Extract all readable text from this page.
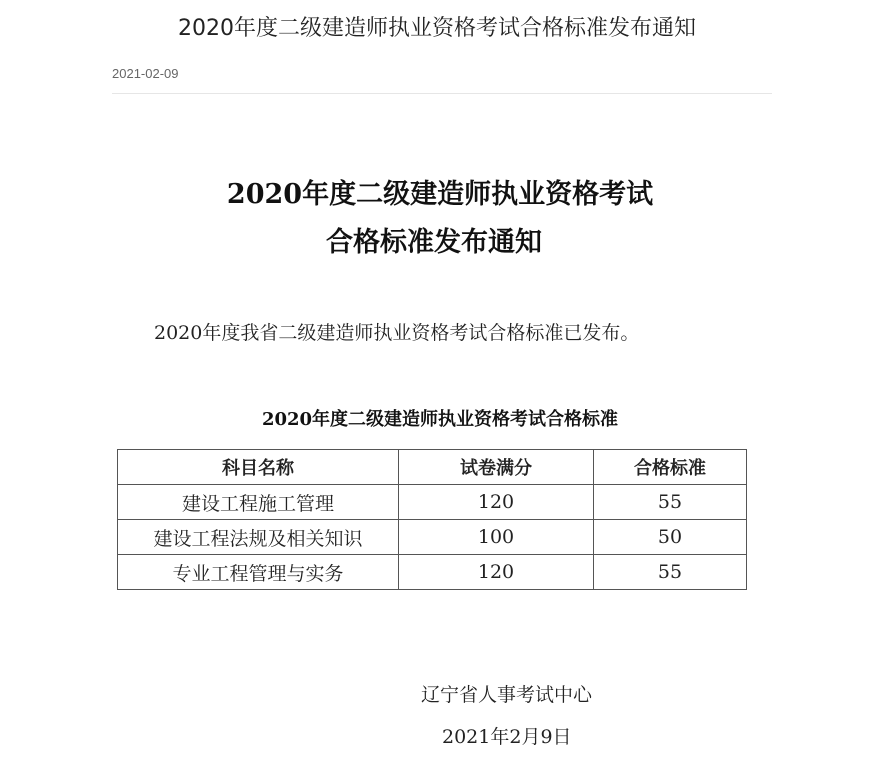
2020年度二级建造师执业资格考试合格标准发布通知
2021-02-09
2020年度二级建造师执业资格考试
合格标准发布通知
2020年度我省二级建造师执业资格考试合格标准已发布。
2020年度二级建造师执业资格考试合格标准
科目名称	试卷满分	合格标准
建设工程施工管理	120	55
建设工程法规及相关知识	100	50
专业工程管理与实务	120	55
辽宁省人事考试中心
2021年2月9日
